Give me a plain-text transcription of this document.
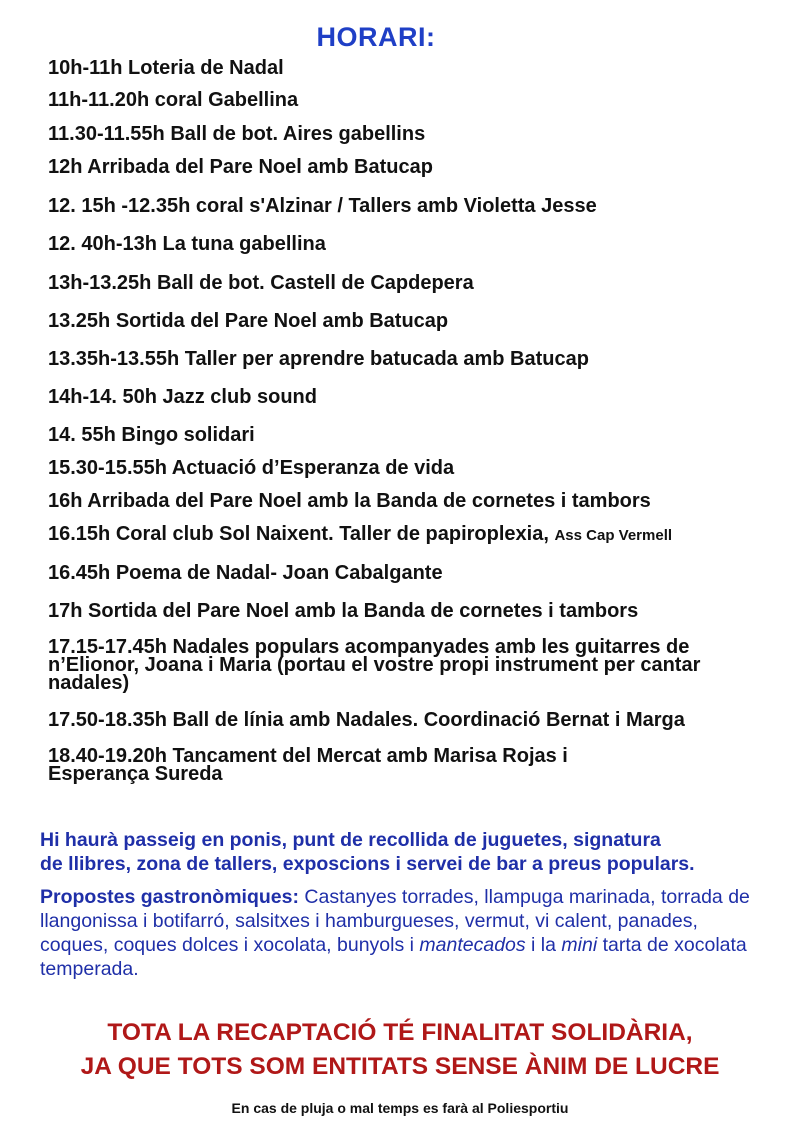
HORARI:
10h-11h Loteria de Nadal
11h-11.20h coral Gabellina
11.30-11.55h Ball de bot. Aires gabellins
12h Arribada del Pare Noel amb Batucap
12. 15h -12.35h coral s'Alzinar / Tallers amb Violetta Jesse
12. 40h-13h La tuna gabellina
13h-13.25h Ball de bot. Castell de Capdepera
13.25h Sortida del Pare Noel amb Batucap
13.35h-13.55h Taller per aprendre batucada amb Batucap
14h-14. 50h Jazz club sound
14. 55h Bingo solidari
15.30-15.55h Actuació d’Esperanza de vida
16h Arribada del Pare Noel amb la Banda de cornetes i tambors
16.15h Coral club Sol Naixent. Taller de papiroplexia, Ass Cap Vermell
16.45h Poema de Nadal- Joan Cabalgante
17h Sortida del Pare Noel amb la Banda de cornetes i tambors
17.15-17.45h Nadales populars acompanyades amb les guitarres de n’Elionor, Joana i Maria (portau el vostre propi instrument per cantar nadales)
17.50-18.35h Ball de línia amb Nadales. Coordinació Bernat i Marga
18.40-19.20h Tancament del Mercat amb Marisa Rojas i Esperança Sureda
Hi haurà passeig en ponis, punt de recollida de juguetes, signatura
de llibres, zona de tallers, exposcions i servei de bar a preus populars.
Propostes gastronòmiques: Castanyes torrades, llampuga marinada, torrada de llangonissa i botifarró, salsitxes i hamburgueses, vermut, vi calent, panades, coques, coques dolces i xocolata, bunyols i mantecados i la mini tarta de xocolata temperada.
TOTA LA RECAPTACIÓ TÉ FINALITAT SOLIDÀRIA,
JA QUE TOTS SOM ENTITATS SENSE ÀNIM DE LUCRE
En cas de pluja o mal temps es farà al Poliesportiu
